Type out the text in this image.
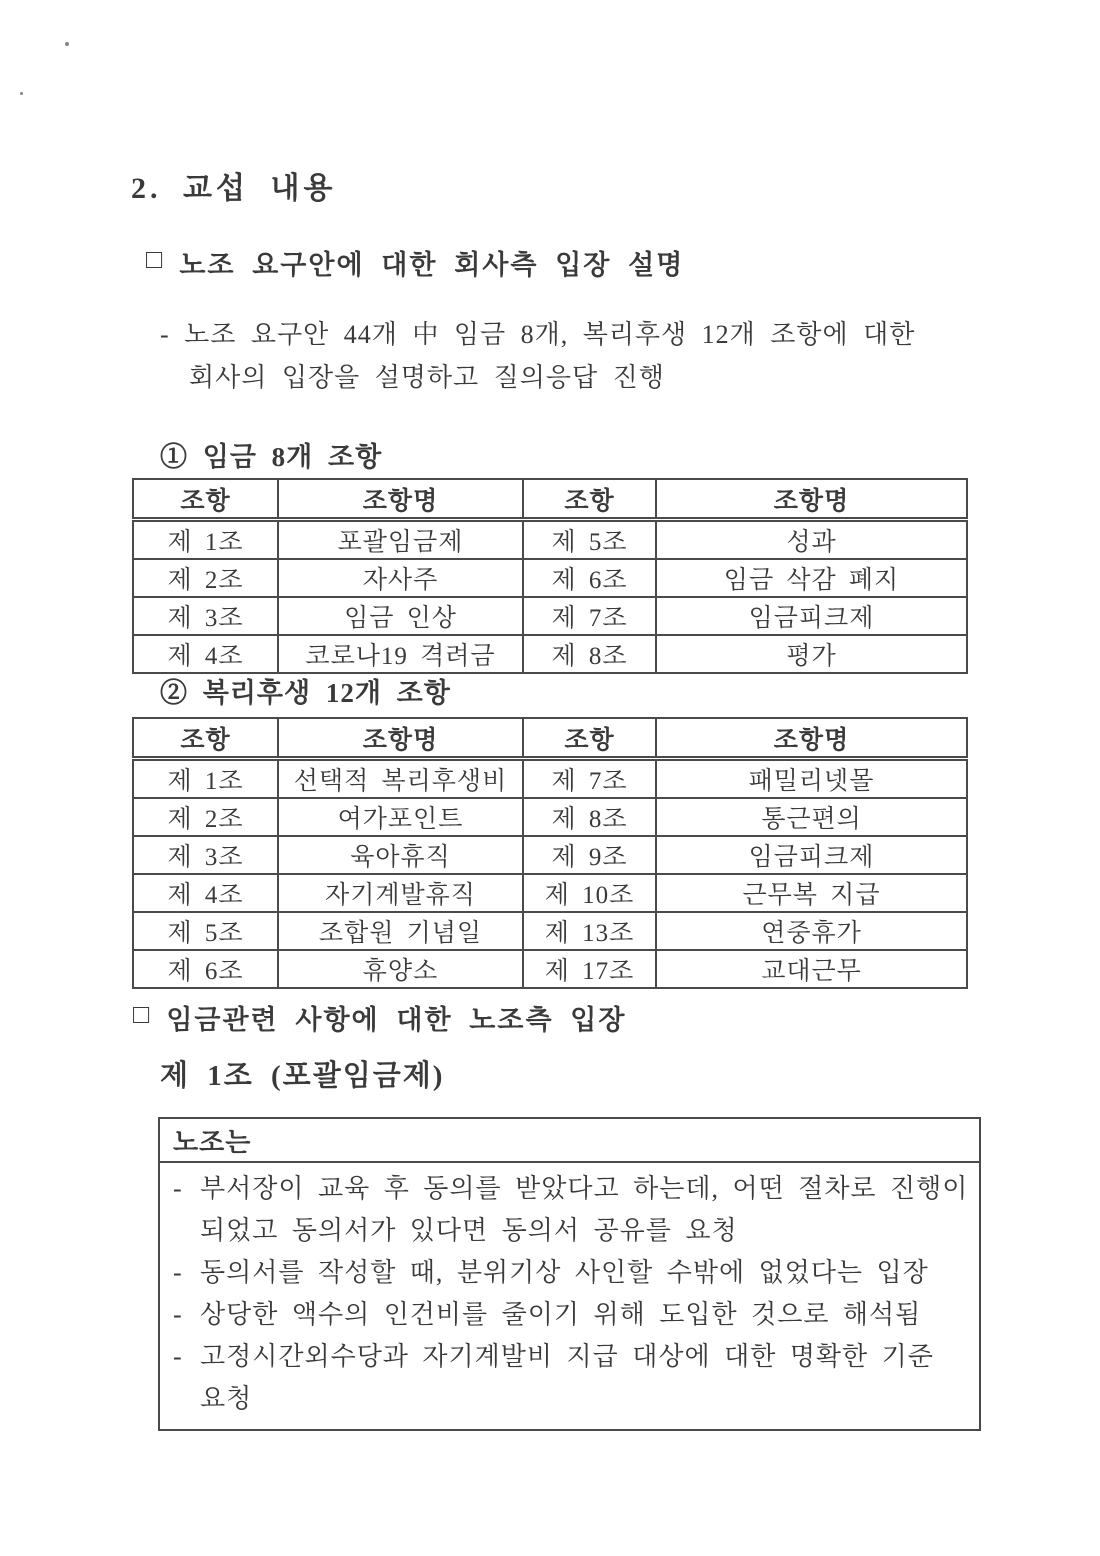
2. 교섭 내용
□ 노조 요구안에 대한 회사측 입장 설명
- 노조 요구안 44개 中 임금 8개, 복리후생 12개 조항에 대한
회사의 입장을 설명하고 질의응답 진행
① 임금 8개 조항
조항	조항명	조항	조항명
제 1조	포괄임금제	제 5조	성과
제 2조	자사주	제 6조	임금 삭감 폐지
제 3조	임금 인상	제 7조	임금피크제
제 4조	코로나19 격려금	제 8조	평가
② 복리후생 12개 조항
조항	조항명	조항	조항명
제 1조	선택적 복리후생비	제 7조	패밀리넷몰
제 2조	여가포인트	제 8조	통근편의
제 3조	육아휴직	제 9조	임금피크제
제 4조	자기계발휴직	제 10조	근무복 지급
제 5조	조합원 기념일	제 13조	연중휴가
제 6조	휴양소	제 17조	교대근무
□ 임금관련 사항에 대한 노조측 입장
제 1조 (포괄임금제)
노조는
- 부서장이 교육 후 동의를 받았다고 하는데, 어떤 절차로 진행이
되었고 동의서가 있다면 동의서 공유를 요청
- 동의서를 작성할 때, 분위기상 사인할 수밖에 없었다는 입장
- 상당한 액수의 인건비를 줄이기 위해 도입한 것으로 해석됨
- 고정시간외수당과 자기계발비 지급 대상에 대한 명확한 기준
요청
